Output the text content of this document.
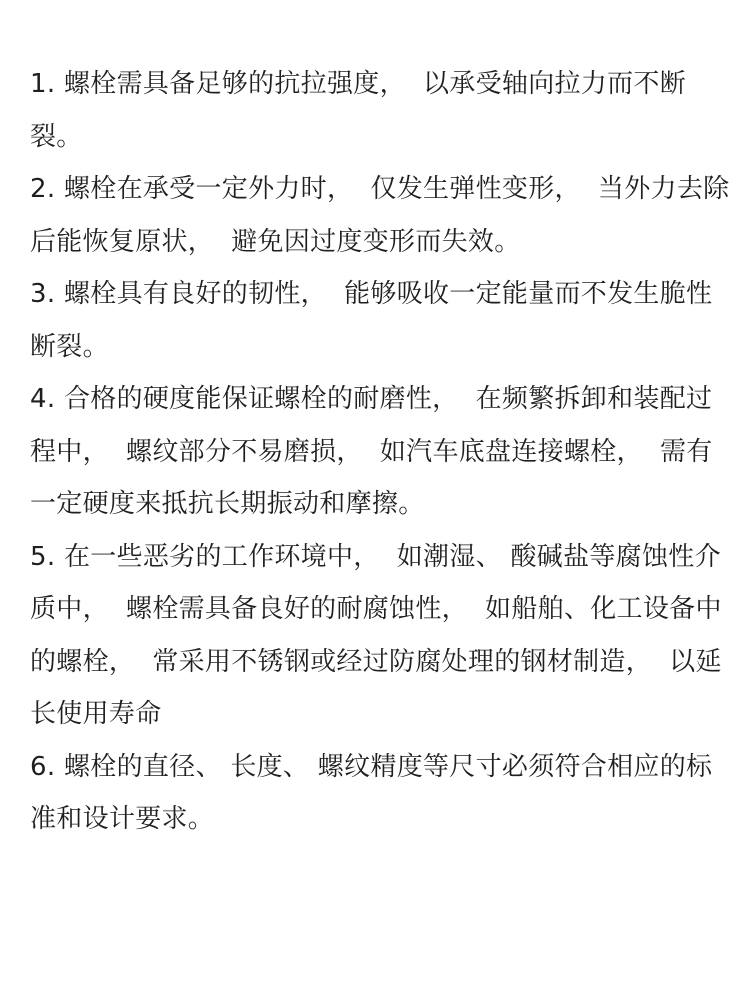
1. 螺栓需具备足够的抗拉强度，  以承受轴向拉力而不断裂。

2. 螺栓在承受一定外力时，  仅发生弹性变形，  当外力去除后能恢复原状，  避免因过度变形而失效。

3. 螺栓具有良好的韧性，  能够吸收一定能量而不发生脆性断裂。

4. 合格的硬度能保证螺栓的耐磨性，  在频繁拆卸和装配过程中，  螺纹部分不易磨损，  如汽车底盘连接螺栓，  需有一定硬度来抵抗长期振动和摩擦。

5. 在一些恶劣的工作环境中，  如潮湿、 酸碱盐等腐蚀性介质中，  螺栓需具备良好的耐腐蚀性，  如船舶、化工设备中的螺栓，  常采用不锈钢或经过防腐处理的钢材制造，  以延长使用寿命

6. 螺栓的直径、 长度、 螺纹精度等尺寸必须符合相应的标准和设计要求。
